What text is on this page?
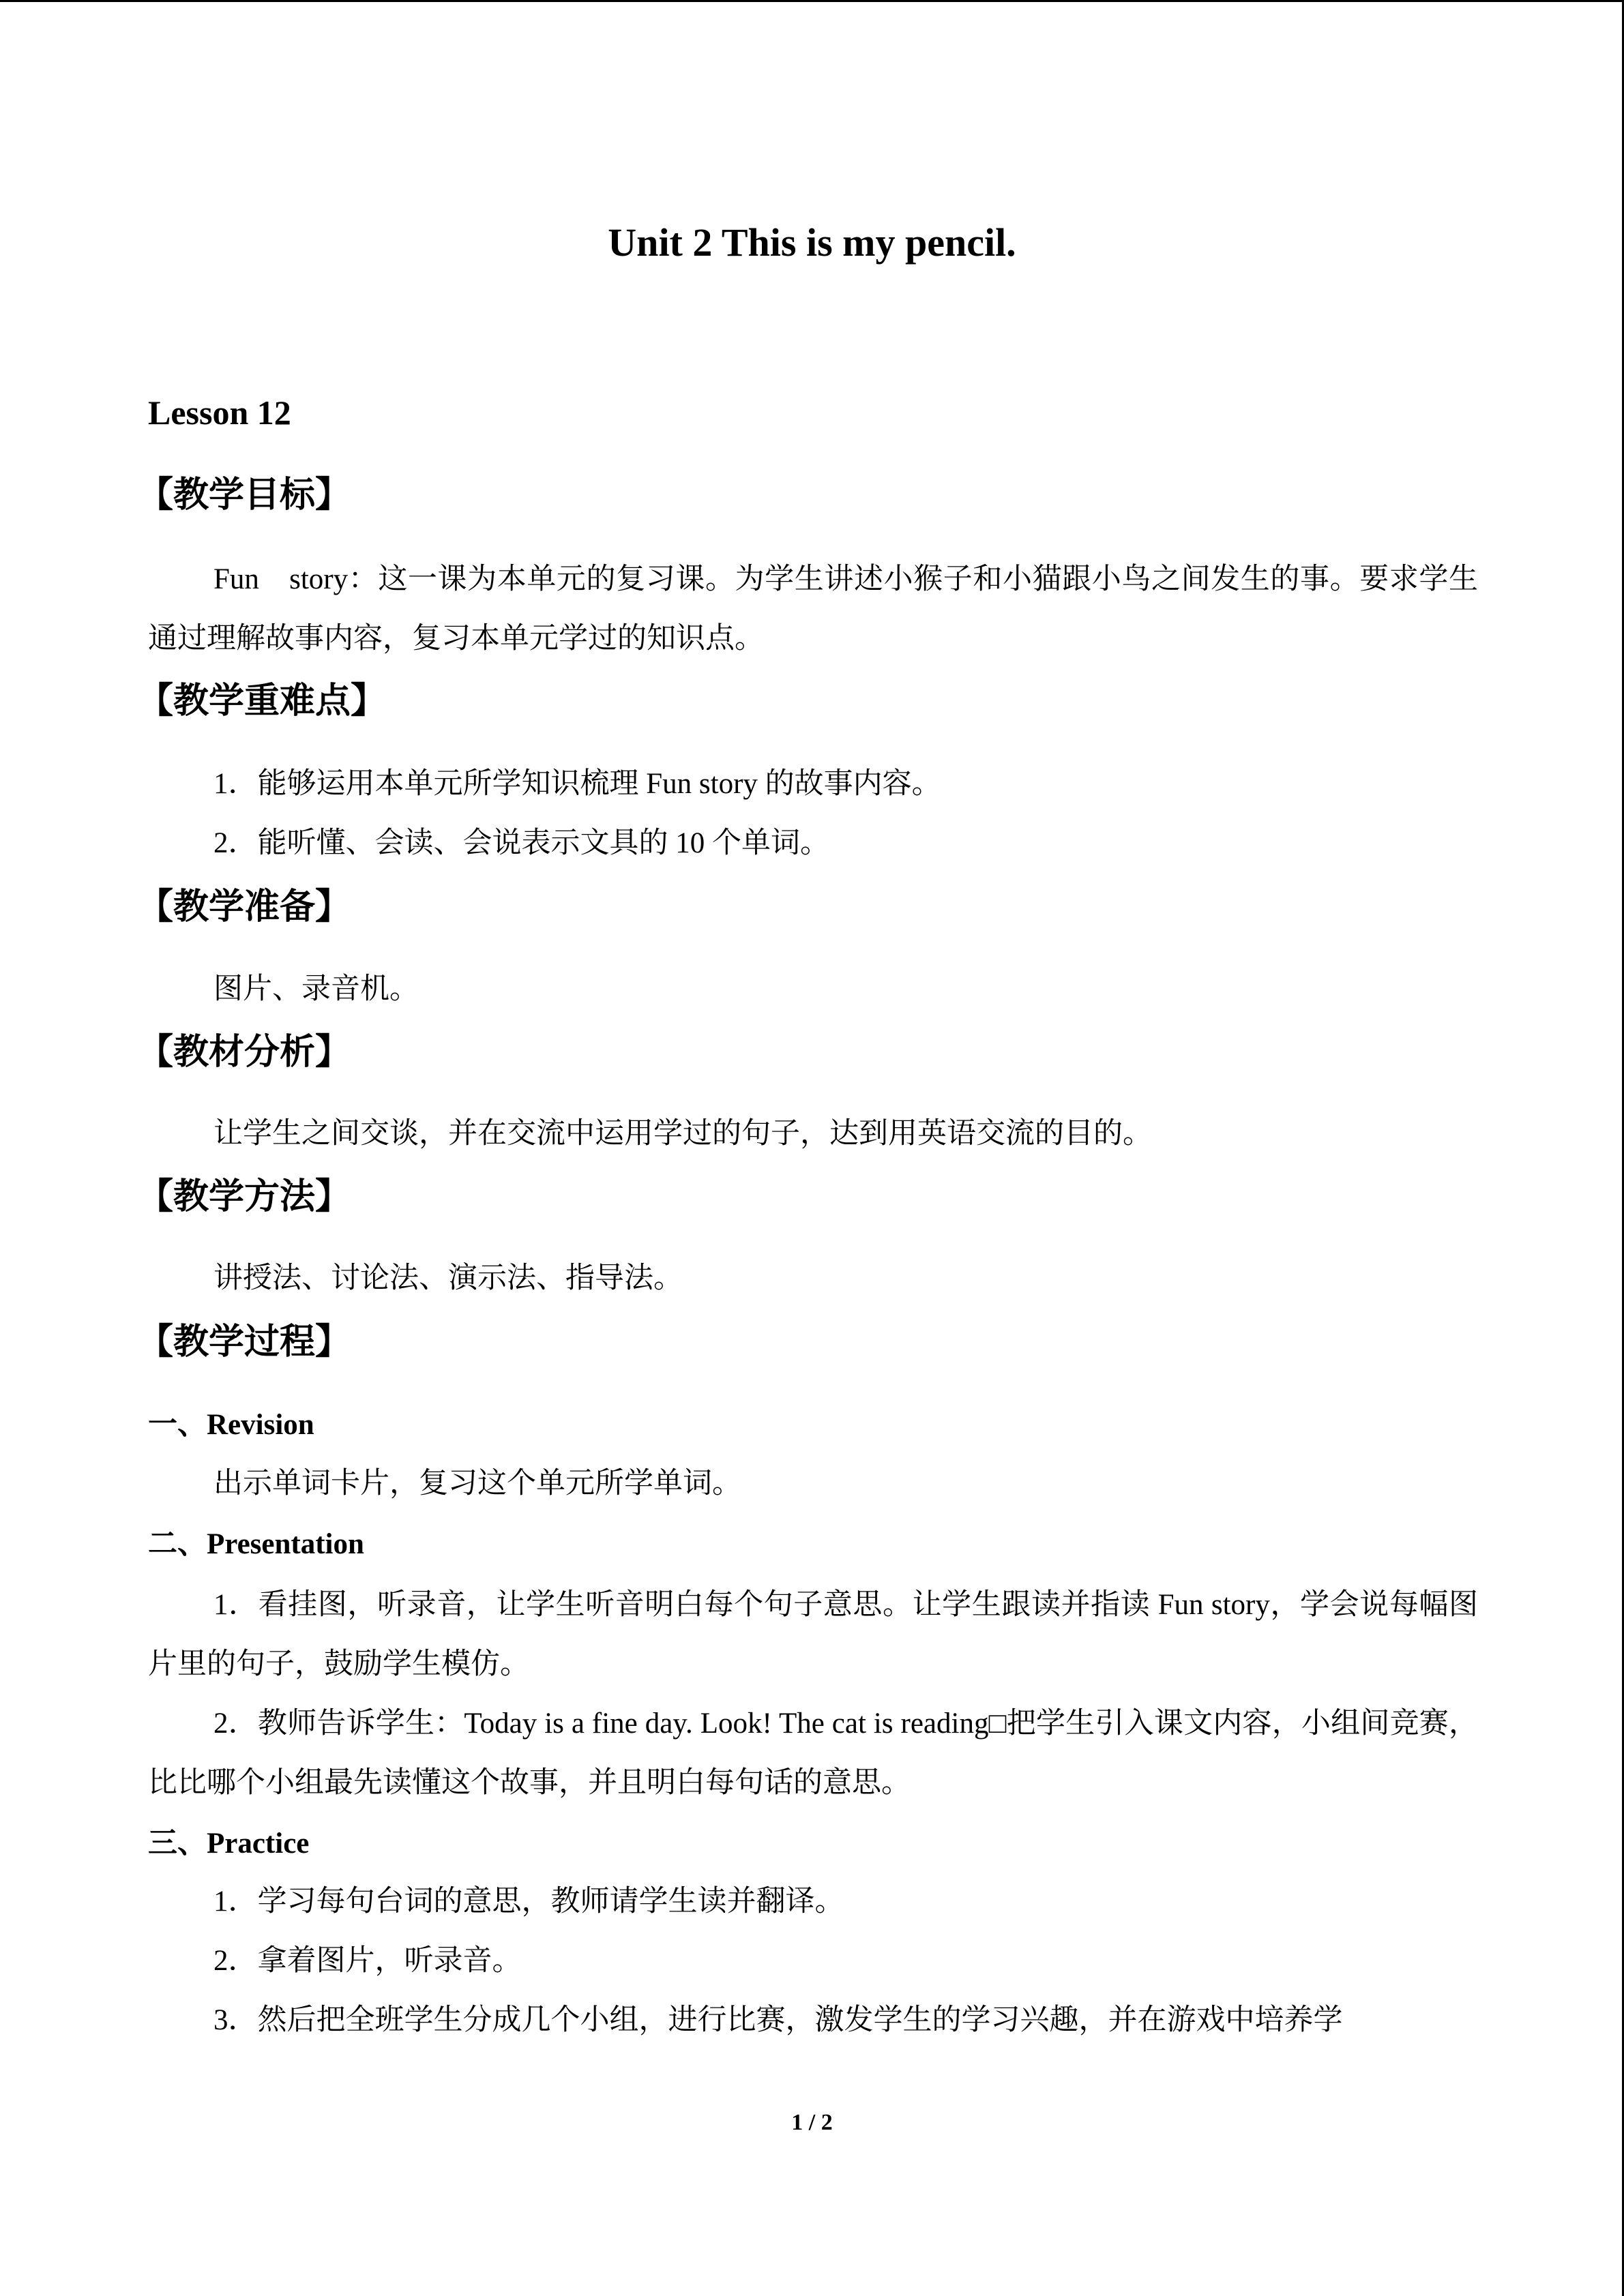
Unit 2 This is my pencil.
Lesson 12
【教学目标】
Fun　story：这一课为本单元的复习课。为学生讲述小猴子和小猫跟小鸟之间发生的事。要求学生通过理解故事内容，复习本单元学过的知识点。
【教学重难点】
1．能够运用本单元所学知识梳理 Fun story 的故事内容。
2．能听懂、会读、会说表示文具的 10 个单词。
【教学准备】
图片、录音机。
【教材分析】
让学生之间交谈，并在交流中运用学过的句子，达到用英语交流的目的。
【教学方法】
讲授法、讨论法、演示法、指导法。
【教学过程】
一、Revision
出示单词卡片，复习这个单元所学单词。
二、Presentation
1．看挂图，听录音，让学生听音明白每个句子意思。让学生跟读并指读 Fun story，学会说每幅图片里的句子，鼓励学生模仿。
2．教师告诉学生：Today is a fine day. Look! The cat is reading□把学生引入课文内容，小组间竞赛，比比哪个小组最先读懂这个故事，并且明白每句话的意思。
三、Practice
1．学习每句台词的意思，教师请学生读并翻译。
2．拿着图片，听录音。
3．然后把全班学生分成几个小组，进行比赛，激发学生的学习兴趣，并在游戏中培养学
1 / 2
